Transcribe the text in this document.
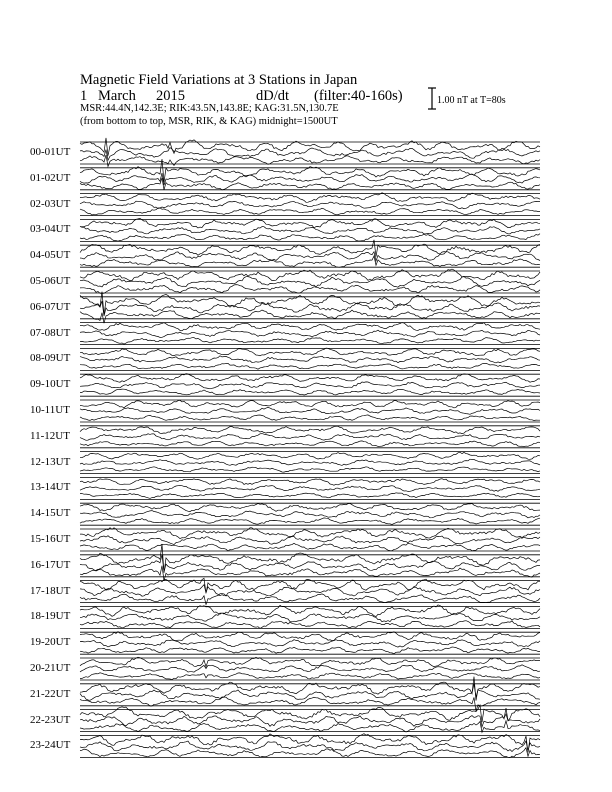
Magnetic Field Variations at 3 Stations in Japan
1 March 2015	dD/dt (filter:40-160s)
MSR:44.4N,142.3E; RIK:43.5N,143.8E; KAG:31.5N,130.7E
(from bottom to top, MSR, RIK, & KAG) midnight=1500UT
1.00 nT at T=80s
00-01UT
01-02UT
02-03UT
03-04UT
04-05UT
05-06UT
06-07UT
07-08UT
08-09UT
09-10UT
10-11UT
11-12UT
12-13UT
13-14UT
14-15UT
15-16UT
16-17UT
17-18UT
18-19UT
19-20UT
20-21UT
21-22UT
22-23UT
23-24UT
